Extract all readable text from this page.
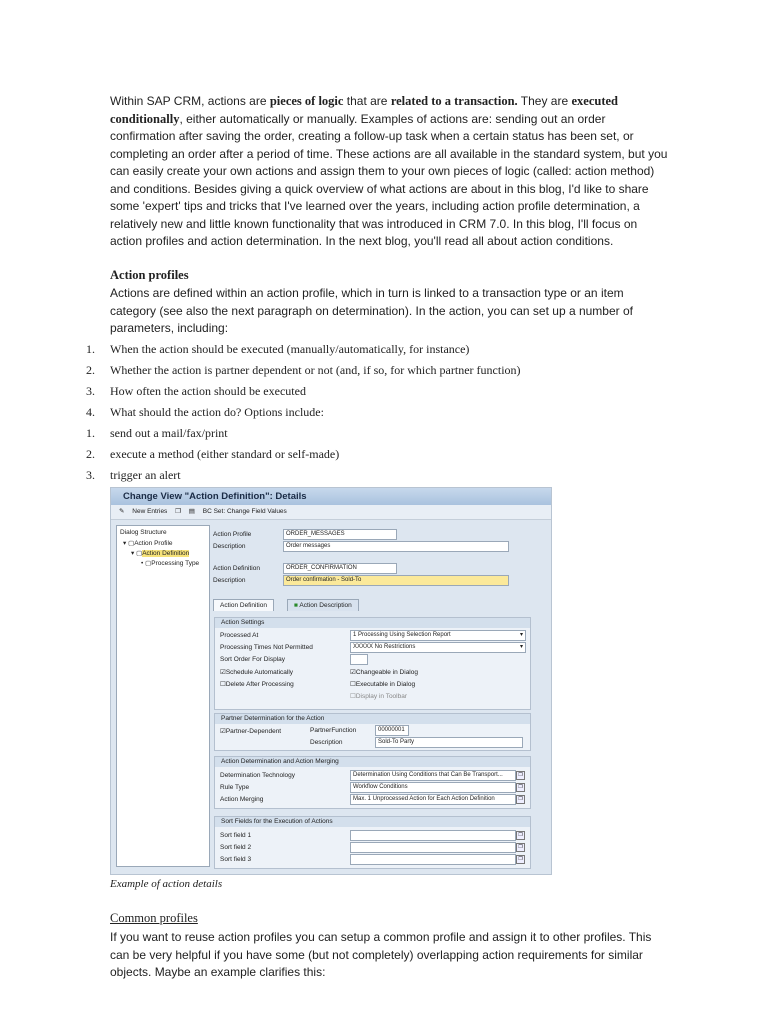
Within SAP CRM, actions are pieces of logic that are related to a transaction. They are executed conditionally, either automatically or manually. Examples of actions are: sending out an order confirmation after saving the order, creating a follow-up task when a certain status has been set, or completing an order after a period of time. These actions are all available in the standard system, but you can easily create your own actions and assign them to your own pieces of logic (called: action method) and conditions. Besides giving a quick overview of what actions are about in this blog, I'd like to share some 'expert' tips and tricks that I've learned over the years, including action profile determination, a relatively new and little known functionality that was introduced in CRM 7.0. In this blog, I'll focus on action profiles and action determination. In the next blog, you'll read all about action conditions.
Action profiles
Actions are defined within an action profile, which in turn is linked to a transaction type or an item category (see also the next paragraph on determination). In the action, you can set up a number of parameters, including:
1. When the action should be executed (manually/automatically, for instance)
2. Whether the action is partner dependent or not (and, if so, for which partner function)
3. How often the action should be executed
4. What should the action do? Options include:
1. send out a mail/fax/print
2. execute a method (either standard or self-made)
3. trigger an alert
Change View "Action Definition": Details
✎ New Entries ❐ ▤ BC Set: Change Field Values
Dialog Structure
▾ ▢Action Profile
▾ ▢Action Definition
• ▢Processing Type
Action Profile	ORDER_MESSAGES
Description	Order messages
Action Definition	ORDER_CONFIRMATION
Description	Order confirmation - Sold-To
Action Definition	■ Action Description
Action Settings
Processed At	1 Processing Using Selection Report ▾
Processing Times Not Permitted	XXXXX No Restrictions ▾
Sort Order For Display
☑Schedule Automatically	☑Changeable in Dialog
☐Delete After Processing	☐Executable in Dialog
☐Display in Toolbar
Partner Determination for the Action
☑Partner-Dependent	PartnerFunction	00000001
Description	Sold-To Party
Action Determination and Action Merging
Determination Technology	Determination Using Conditions that Can Be Transport...	❐
Rule Type	Workflow Conditions	❐
Action Merging	Max. 1 Unprocessed Action for Each Action Definition	❐
Sort Fields for the Execution of Actions
Sort field 1	❐
Sort field 2	❐
Sort field 3	❐
Example of action details
Common profiles
If you want to reuse action profiles you can setup a common profile and assign it to other profiles. This can be very helpful if you have some (but not completely) overlapping action requirements for similar objects. Maybe an example clarifies this:
